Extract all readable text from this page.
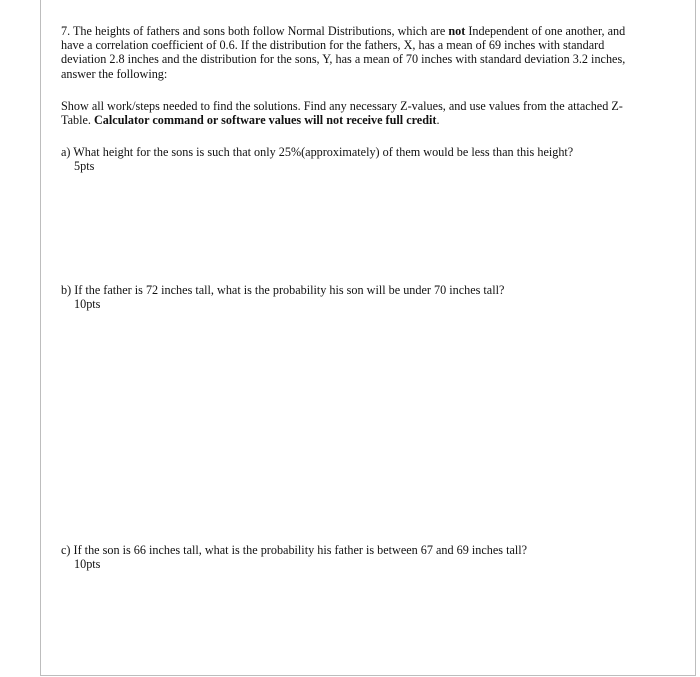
7. The heights of fathers and sons both follow Normal Distributions, which are not Independent of one another, and have a correlation coefficient of 0.6. If the distribution for the fathers, X, has a mean of 69 inches with standard deviation 2.8 inches and the distribution for the sons, Y, has a mean of 70 inches with standard deviation 3.2 inches, answer the following:

Show all work/steps needed to find the solutions. Find any necessary Z-values, and use values from the attached Z-Table. Calculator command or software values will not receive full credit.

a) What height for the sons is such that only 25%(approximately) of them would be less than this height?

5pts

b) If the father is 72 inches tall, what is the probability his son will be under 70 inches tall?

10pts

c) If the son is 66 inches tall, what is the probability his father is between 67 and 69 inches tall?

10pts
